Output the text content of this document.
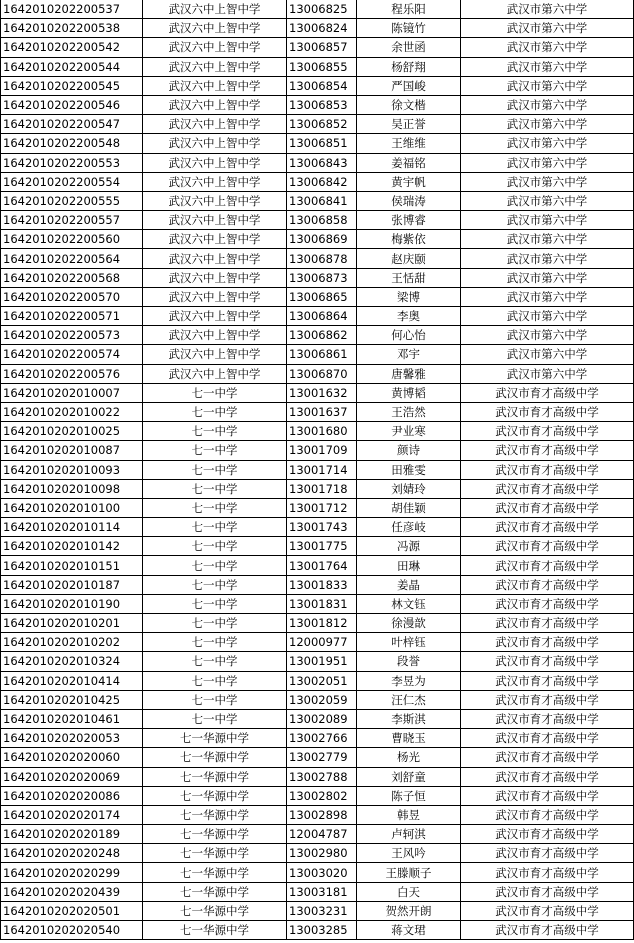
1642010202200537	武汉六中上智中学	13006825	程乐阳	武汉市第六中学
1642010202200538	武汉六中上智中学	13006824	陈镜竹	武汉市第六中学
1642010202200542	武汉六中上智中学	13006857	余世函	武汉市第六中学
1642010202200544	武汉六中上智中学	13006855	杨舒翔	武汉市第六中学
1642010202200545	武汉六中上智中学	13006854	严国峻	武汉市第六中学
1642010202200546	武汉六中上智中学	13006853	徐文楷	武汉市第六中学
1642010202200547	武汉六中上智中学	13006852	吴正誉	武汉市第六中学
1642010202200548	武汉六中上智中学	13006851	王维维	武汉市第六中学
1642010202200553	武汉六中上智中学	13006843	姜福铭	武汉市第六中学
1642010202200554	武汉六中上智中学	13006842	黄宇帆	武汉市第六中学
1642010202200555	武汉六中上智中学	13006841	侯瑞涛	武汉市第六中学
1642010202200557	武汉六中上智中学	13006858	张博睿	武汉市第六中学
1642010202200560	武汉六中上智中学	13006869	梅紫依	武汉市第六中学
1642010202200564	武汉六中上智中学	13006878	赵庆颐	武汉市第六中学
1642010202200568	武汉六中上智中学	13006873	王恬甜	武汉市第六中学
1642010202200570	武汉六中上智中学	13006865	梁博	武汉市第六中学
1642010202200571	武汉六中上智中学	13006864	李奥	武汉市第六中学
1642010202200573	武汉六中上智中学	13006862	何心怡	武汉市第六中学
1642010202200574	武汉六中上智中学	13006861	邓宇	武汉市第六中学
1642010202200576	武汉六中上智中学	13006870	唐馨雅	武汉市第六中学
1642010202010007	七一中学	13001632	黄博韬	武汉市育才高级中学
1642010202010022	七一中学	13001637	王浩然	武汉市育才高级中学
1642010202010025	七一中学	13001680	尹业寒	武汉市育才高级中学
1642010202010087	七一中学	13001709	颜诗	武汉市育才高级中学
1642010202010093	七一中学	13001714	田雅雯	武汉市育才高级中学
1642010202010098	七一中学	13001718	刘婧玲	武汉市育才高级中学
1642010202010100	七一中学	13001712	胡佳颖	武汉市育才高级中学
1642010202010114	七一中学	13001743	任彦岐	武汉市育才高级中学
1642010202010142	七一中学	13001775	冯源	武汉市育才高级中学
1642010202010151	七一中学	13001764	田琳	武汉市育才高级中学
1642010202010187	七一中学	13001833	姜晶	武汉市育才高级中学
1642010202010190	七一中学	13001831	林文钰	武汉市育才高级中学
1642010202010201	七一中学	13001812	徐漫歆	武汉市育才高级中学
1642010202010202	七一中学	12000977	叶梓钰	武汉市育才高级中学
1642010202010324	七一中学	13001951	段誉	武汉市育才高级中学
1642010202010414	七一中学	13002051	李昱为	武汉市育才高级中学
1642010202010425	七一中学	13002059	汪仁杰	武汉市育才高级中学
1642010202010461	七一中学	13002089	李斯淇	武汉市育才高级中学
1642010202020053	七一华源中学	13002766	曹晓玉	武汉市育才高级中学
1642010202020060	七一华源中学	13002779	杨光	武汉市育才高级中学
1642010202020069	七一华源中学	13002788	刘舒童	武汉市育才高级中学
1642010202020086	七一华源中学	13002802	陈子恒	武汉市育才高级中学
1642010202020174	七一华源中学	13002898	韩昱	武汉市育才高级中学
1642010202020189	七一华源中学	12004787	卢轲淇	武汉市育才高级中学
1642010202020248	七一华源中学	13002980	王风吟	武汉市育才高级中学
1642010202020299	七一华源中学	13003020	王滕顺子	武汉市育才高级中学
1642010202020439	七一华源中学	13003181	白天	武汉市育才高级中学
1642010202020501	七一华源中学	13003231	贺然开朗	武汉市育才高级中学
1642010202020540	七一华源中学	13003285	蒋文珺	武汉市育才高级中学
